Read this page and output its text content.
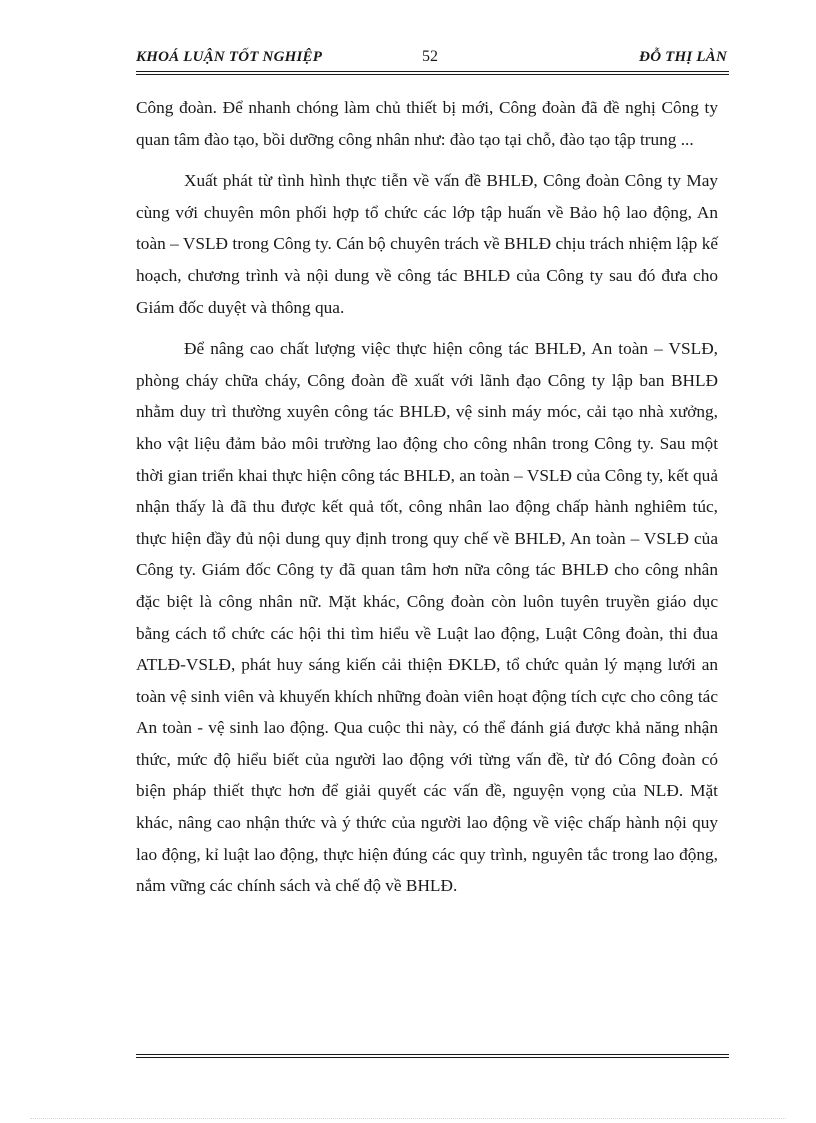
KHOÁ LUẬN TỐT NGHIỆP	52	ĐỖ THỊ LÀN

Công đoàn. Để nhanh chóng làm chủ thiết bị mới, Công đoàn đã đề nghị Công ty quan tâm đào tạo, bồi dưỡng công nhân như: đào tạo tại chỗ, đào tạo tập trung ...

Xuất phát từ tình hình thực tiễn về vấn đề BHLĐ, Công đoàn Công ty May cùng với chuyên môn phối hợp tổ chức các lớp tập huấn về Bảo hộ lao động, An toàn – VSLĐ trong Công ty. Cán bộ chuyên trách về BHLĐ chịu trách nhiệm lập kế hoạch, chương trình và nội dung về công tác BHLĐ của Công ty sau đó đưa cho Giám đốc duyệt và thông qua.

Để nâng cao chất lượng việc thực hiện công tác BHLĐ, An toàn – VSLĐ, phòng cháy chữa cháy, Công đoàn đề xuất với lãnh đạo Công ty lập ban BHLĐ nhằm duy trì thường xuyên công tác BHLĐ, vệ sinh máy móc, cải tạo nhà xưởng, kho vật liệu đảm bảo môi trường lao động cho công nhân trong Công ty. Sau một thời gian triển khai thực hiện công tác BHLĐ, an toàn – VSLĐ của Công ty, kết quả nhận thấy là đã thu được kết quả tốt, công nhân lao động chấp hành nghiêm túc, thực hiện đầy đủ nội dung quy định trong quy chế về BHLĐ, An toàn – VSLĐ của Công ty. Giám đốc Công ty đã quan tâm hơn nữa công tác BHLĐ cho công nhân đặc biệt là công nhân nữ. Mặt khác, Công đoàn còn luôn tuyên truyền giáo dục bằng cách tổ chức các hội thi tìm hiểu về Luật lao động, Luật Công đoàn, thi đua ATLĐ-VSLĐ, phát huy sáng kiến cải thiện ĐKLĐ, tổ chức quản lý mạng lưới an toàn vệ sinh viên và khuyến khích những đoàn viên hoạt động tích cực cho công tác An toàn - vệ sinh lao động. Qua cuộc thi này, có thể đánh giá được khả năng nhận thức, mức độ hiểu biết của người lao động với từng vấn đề, từ đó Công đoàn có biện pháp thiết thực hơn để giải quyết các vấn đề, nguyện vọng của NLĐ. Mặt khác, nâng cao nhận thức và ý thức của người lao động về việc chấp hành nội quy lao động, kỉ luật lao động, thực hiện đúng các quy trình, nguyên tắc trong lao động, nắm vững các chính sách và chế độ về BHLĐ.
